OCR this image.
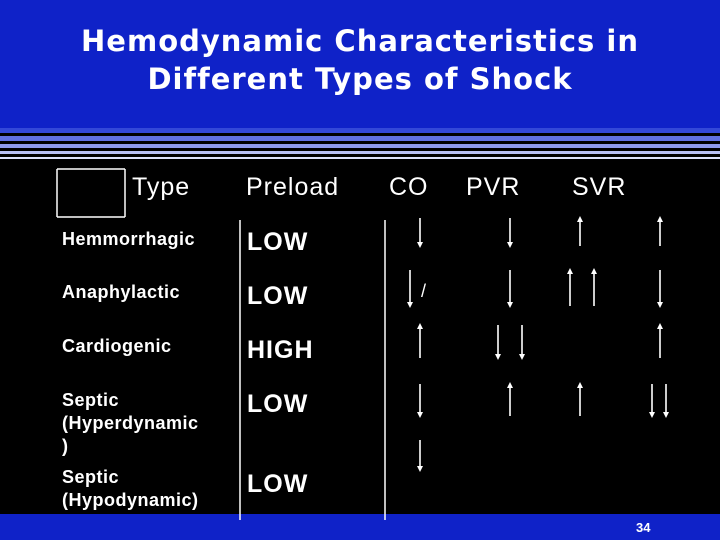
Hemodynamic Characteristics in
Different Types of Shock
Type Preload CO PVR SVR
Hemmorrhagic
Anaphylactic
Cardiogenic
Septic
(Hyperdynamic
)
Septic
(Hypodynamic)
LOW
LOW
HIGH
LOW
LOW
/
34
